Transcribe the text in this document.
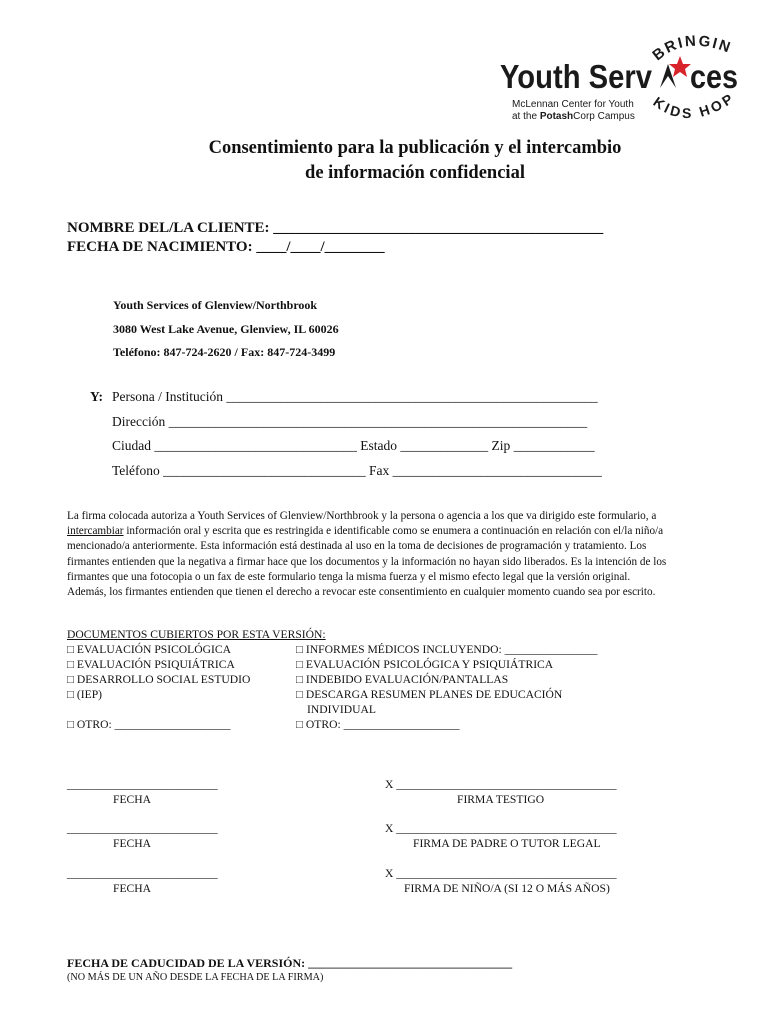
BRINGIN
KIDS HOP
Youth Serv ces
McLennan Center for Youth
at the PotashCorp Campus
Consentimiento para la publicación y el intercambio
de información confidencial
NOMBRE DEL/LA CLIENTE: ____________________________________________
FECHA DE NACIMIENTO: ____/____/________
Youth Services of Glenview/Northbrook
3080 West Lake Avenue, Glenview, IL 60026
Teléfono: 847-724-2620 / Fax: 847-724-3499
Y: Persona / Institución _______________________________________________________
Dirección ______________________________________________________________
Ciudad ______________________________ Estado _____________ Zip ____________
Teléfono ______________________________ Fax _______________________________
La firma colocada autoriza a Youth Services of Glenview/Northbrook y la persona o agencia a los que va dirigido este formulario, a intercambiar información oral y escrita que es restringida e identificable como se enumera a continuación en relación con el/la niño/a mencionado/a anteriormente. Esta información está destinada al uso en la toma de decisiones de programación y tratamiento. Los firmantes entienden que la negativa a firmar hace que los documentos y la información no hayan sido liberados. Es la intención de los firmantes que una fotocopia o un fax de este formulario tenga la misma fuerza y el mismo efecto legal que la versión original. Además, los firmantes entienden que tienen el derecho a revocar este consentimiento en cualquier momento cuando sea por escrito.
DOCUMENTOS CUBIERTOS POR ESTA VERSIÓN:
□ EVALUACIÓN PSICOLÓGICA
□ EVALUACIÓN PSIQUIÁTRICA
□ DESARROLLO SOCIAL ESTUDIO
□ (IEP)
□ OTRO: ____________________
□ INFORMES MÉDICOS INCLUYENDO: ________________
□ EVALUACIÓN PSICOLÓGICA Y PSIQUIÁTRICA
□ INDEBIDO EVALUACIÓN/PANTALLAS
□ DESCARGA RESUMEN PLANES DE EDUCACIÓN
INDIVIDUAL
□ OTRO: ____________________
__________________________
FECHA
X ______________________________________
FIRMA TESTIGO
__________________________
FECHA
X ______________________________________
FIRMA DE PADRE O TUTOR LEGAL
__________________________
FECHA
X ______________________________________
FIRMA DE NIÑO/A (SI 12 O MÁS AÑOS)
FECHA DE CADUCIDAD DE LA VERSIÓN: __________________________________
(NO MÁS DE UN AÑO DESDE LA FECHA DE LA FIRMA)
